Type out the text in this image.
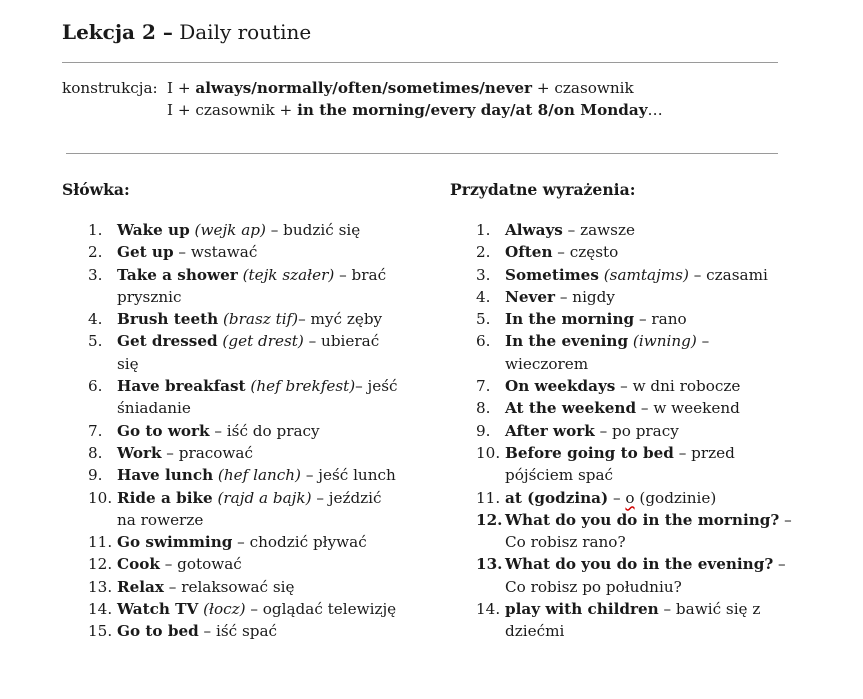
Lekcja 2 – Daily routine
konstrukcja: I + always/normally/often/sometimes/never + czasownik
I + czasownik + in the morning/every day/at 8/on Monday…
Słówka:	Przydatne wyrażenia:
1. Wake up (wejk ap) – budzić się
2. Get up – wstawać
3. Take a shower (tejk szałer) – brać prysznic
4. Brush teeth (brasz tif)– myć zęby
5. Get dressed (get drest) – ubierać się
6. Have breakfast (hef brekfest)– jeść śniadanie
7. Go to work – iść do pracy
8. Work – pracować
9. Have lunch (hef lanch) – jeść lunch
10. Ride a bike (rajd a bajk) – jeździć na rowerze
11. Go swimming – chodzić pływać
12. Cook – gotować
13. Relax – relaksować się
14. Watch TV (łocz) – oglądać telewizję
15. Go to bed – iść spać
1. Always – zawsze
2. Often – często
3. Sometimes (samtajms) – czasami
4. Never – nigdy
5. In the morning – rano
6. In the evening (iwning) – wieczorem
7. On weekdays – w dni robocze
8. At the weekend – w weekend
9. After work – po pracy
10. Before going to bed – przed pójściem spać
11. at (godzina) – o (godzinie)
12. What do you do in the morning? – Co robisz rano?
13. What do you do in the evening? – Co robisz po południu?
14. play with children – bawić się z dziećmi
